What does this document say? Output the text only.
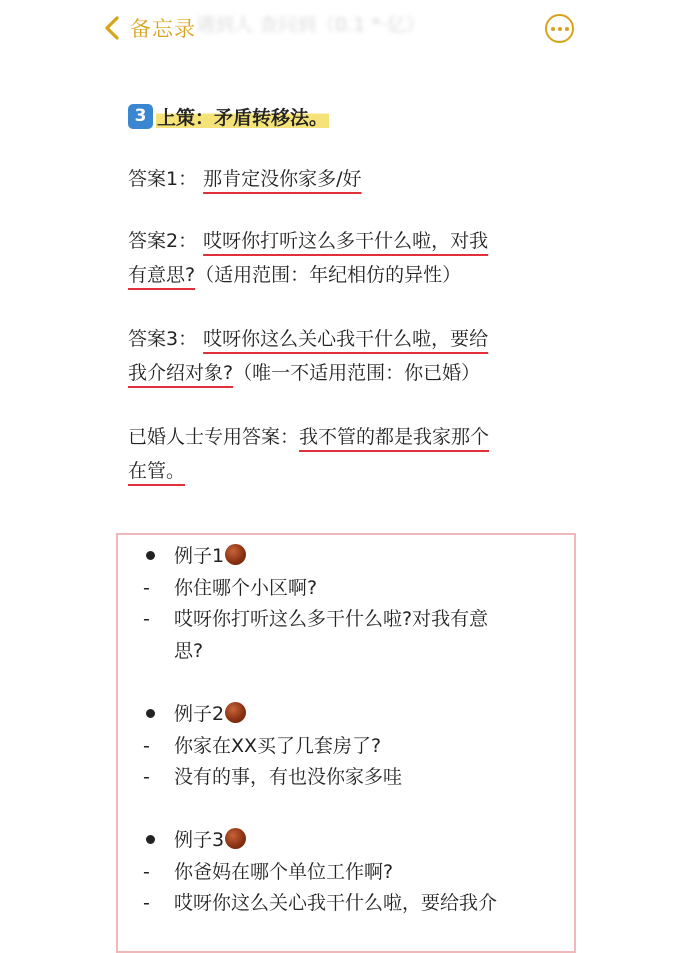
备忘录 遇到人 查问到（0.1 *·亿）
3 上策：矛盾转移法。

答案1： 那肯定没你家多/好

答案2： 哎呀你打听这么多干什么啦，对我
有意思?（适用范围：年纪相仿的异性）

答案3： 哎呀你这么关心我干什么啦，要给
我介绍对象?（唯一不适用范围：你已婚）

已婚人士专用答案：我不管的都是我家那个
在管。

例子1
- 你住哪个小区啊?
- 哎呀你打听这么多干什么啦?对我有意
思?
例子2
- 你家在XX买了几套房了?
- 没有的事，有也没你家多哇
例子3
- 你爸妈在哪个单位工作啊?
- 哎呀你这么关心我干什么啦，要给我介
